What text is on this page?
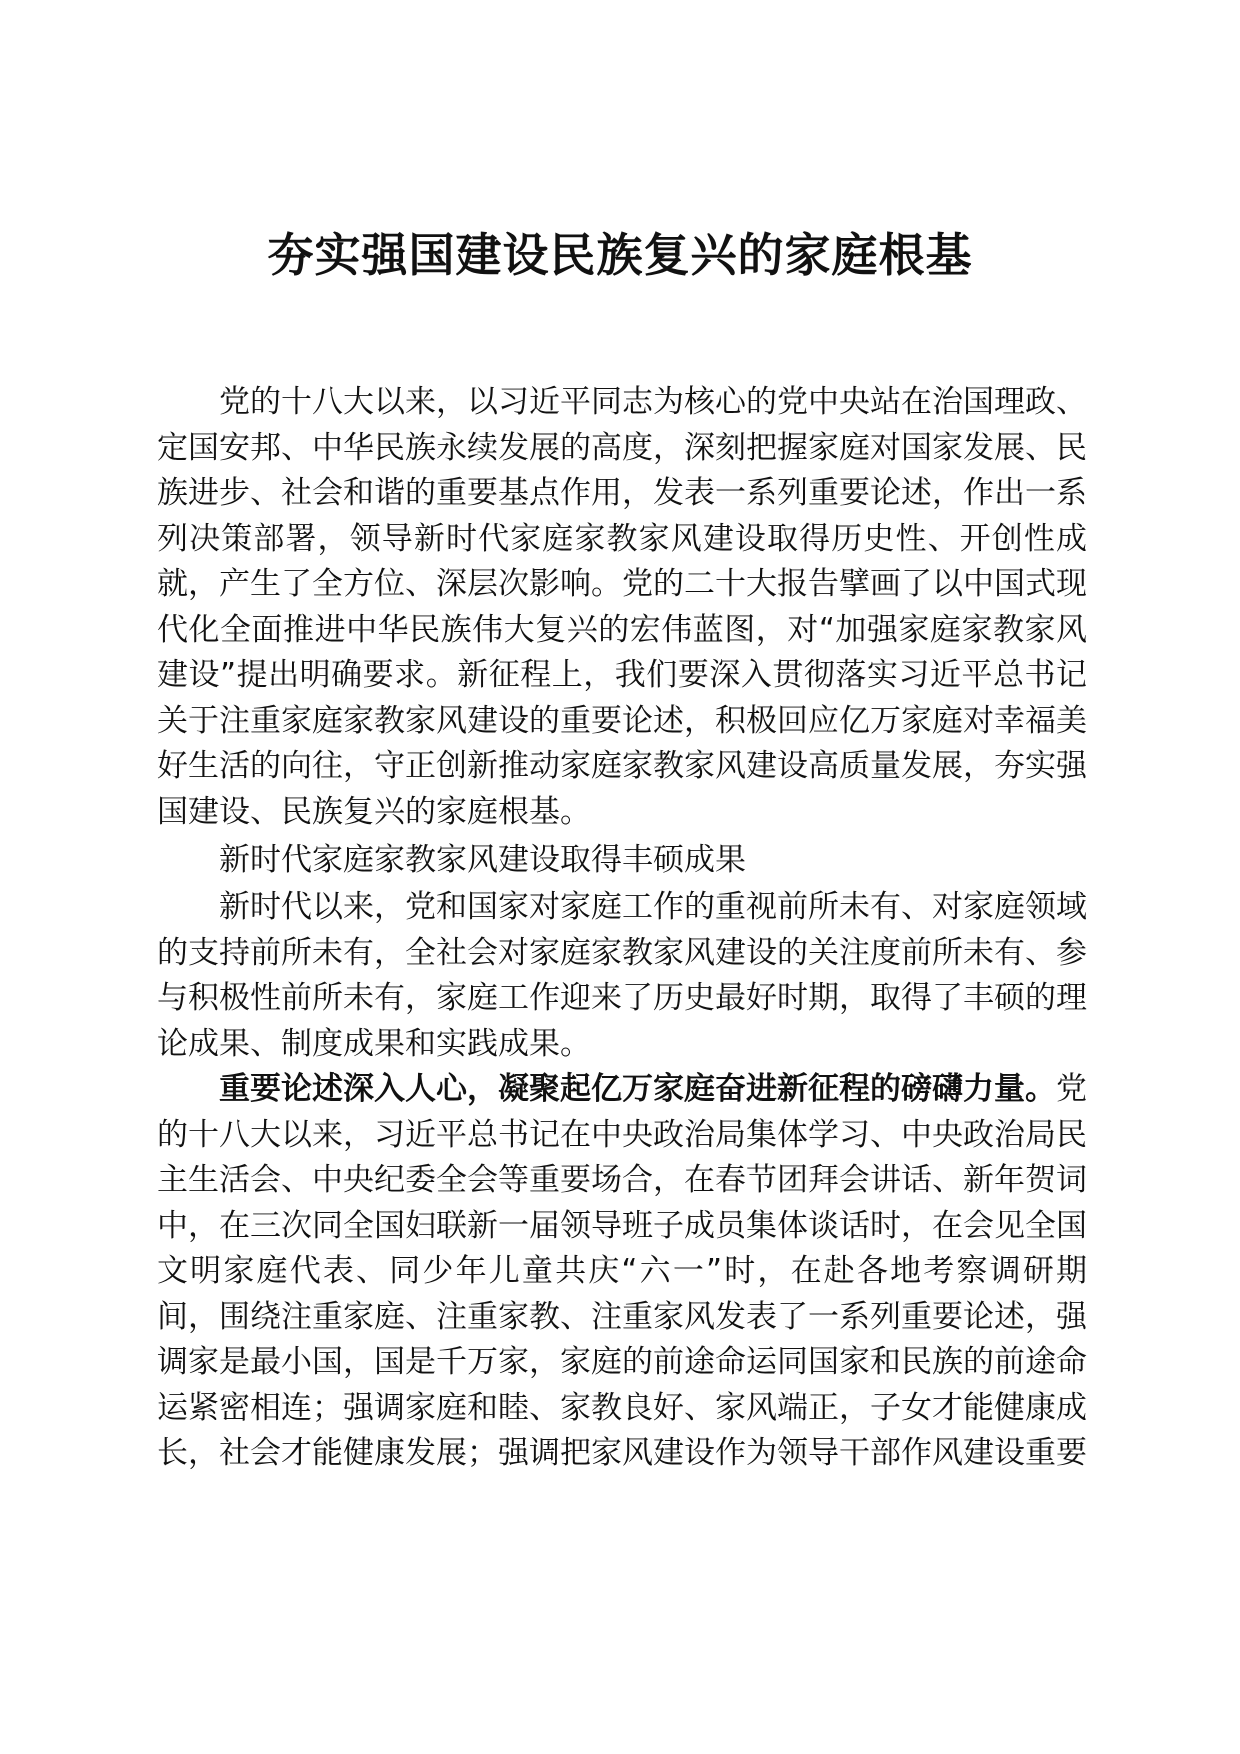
夯实强国建设民族复兴的家庭根基

党的十八大以来，以习近平同志为核心的党中央站在治国理政、定国安邦、中华民族永续发展的高度，深刻把握家庭对国家发展、民族进步、社会和谐的重要基点作用，发表一系列重要论述，作出一系列决策部署，领导新时代家庭家教家风建设取得历史性、开创性成就，产生了全方位、深层次影响。党的二十大报告擘画了以中国式现代化全面推进中华民族伟大复兴的宏伟蓝图，对“加强家庭家教家风建设”提出明确要求。新征程上，我们要深入贯彻落实习近平总书记关于注重家庭家教家风建设的重要论述，积极回应亿万家庭对幸福美好生活的向往，守正创新推动家庭家教家风建设高质量发展，夯实强国建设、民族复兴的家庭根基。

新时代家庭家教家风建设取得丰硕成果

新时代以来，党和国家对家庭工作的重视前所未有、对家庭领域的支持前所未有，全社会对家庭家教家风建设的关注度前所未有、参与积极性前所未有，家庭工作迎来了历史最好时期，取得了丰硕的理论成果、制度成果和实践成果。

重要论述深入人心，凝聚起亿万家庭奋进新征程的磅礴力量。党的十八大以来，习近平总书记在中央政治局集体学习、中央政治局民主生活会、中央纪委全会等重要场合，在春节团拜会讲话、新年贺词中，在三次同全国妇联新一届领导班子成员集体谈话时，在会见全国文明家庭代表、同少年儿童共庆“六一”时，在赴各地考察调研期间，围绕注重家庭、注重家教、注重家风发表了一系列重要论述，强调家是最小国，国是千万家，家庭的前途命运同国家和民族的前途命运紧密相连；强调家庭和睦、家教良好、家风端正，子女才能健康成长，社会才能健康发展；强调把家风建设作为领导干部作风建设重要
